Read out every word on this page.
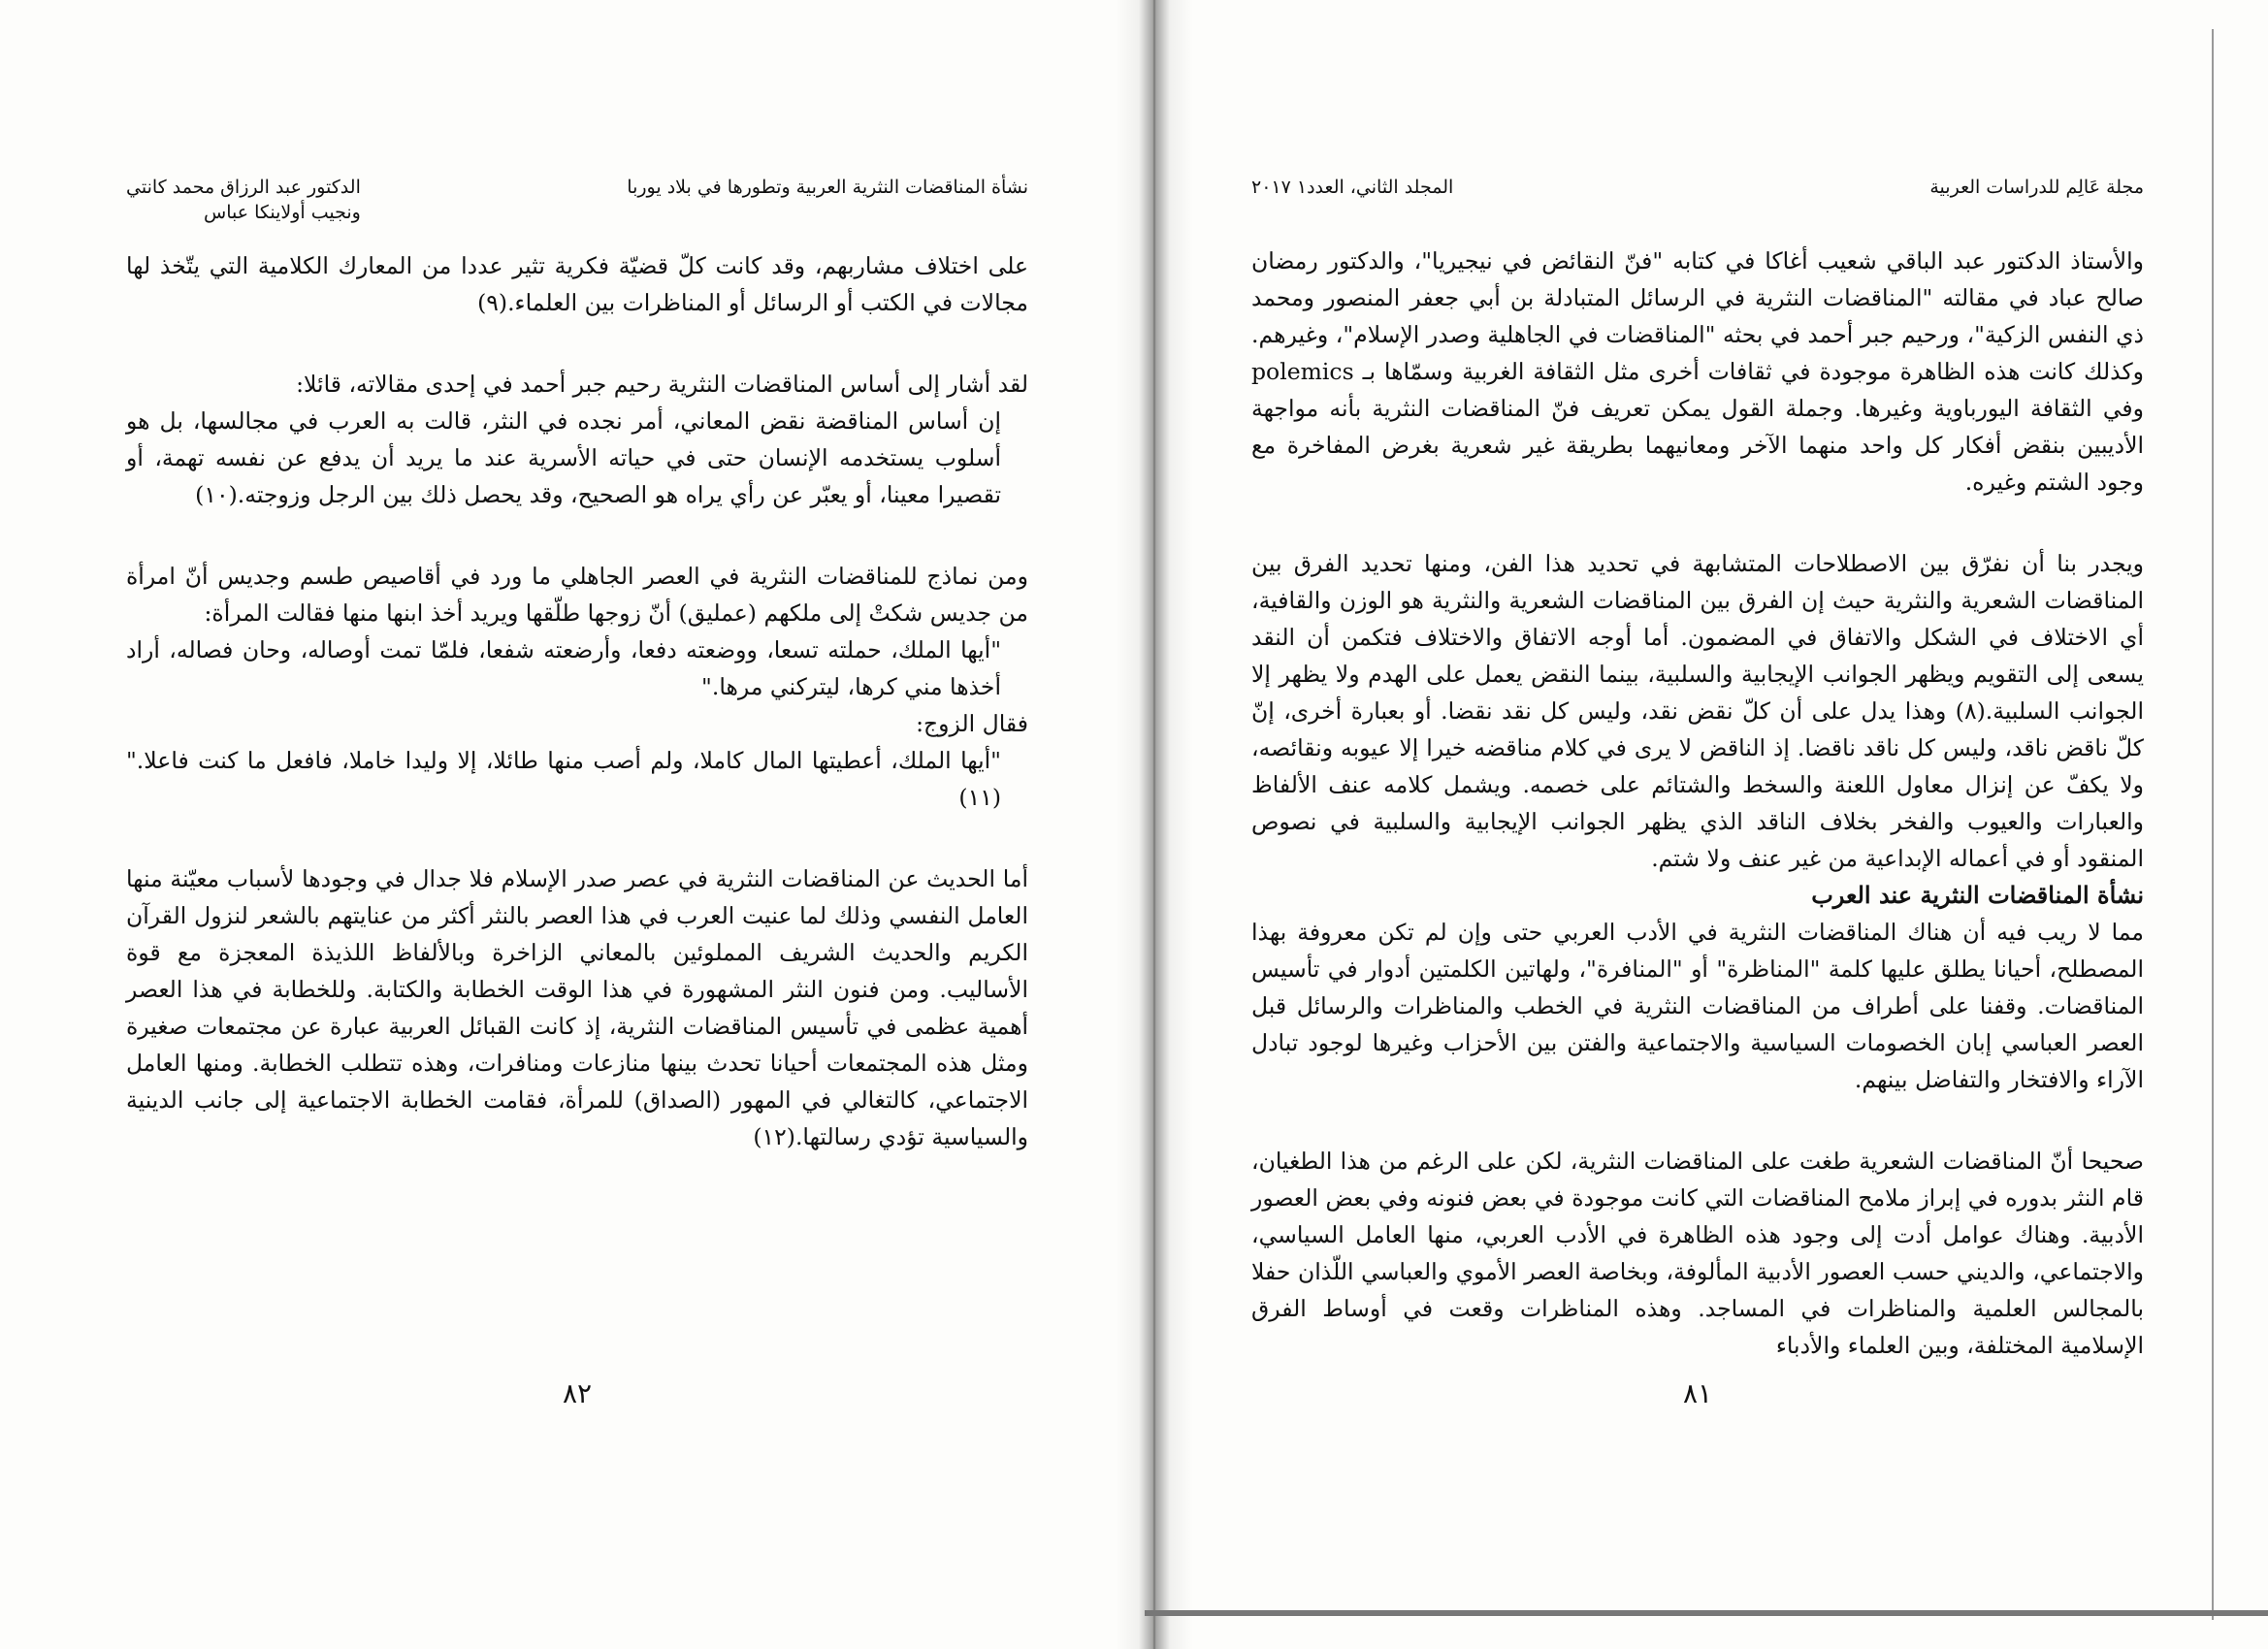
نشأة المناقضات النثرية العربية وتطورها في بلاد يوربا
الدكتور عبد الرزاق محمد كانتي
ونجيب أولاينكا عباس

على اختلاف مشاربهم، وقد كانت كلّ قضيّة فكرية تثير عددا من المعارك الكلامية التي يتّخذ لها مجالات في الكتب أو الرسائل أو المناظرات بين العلماء.(٩)

لقد أشار إلى أساس المناقضات النثرية رحيم جبر أحمد في إحدى مقالاته، قائلا:

إن أساس المناقضة نقض المعاني، أمر نجده في النثر، قالت به العرب في مجالسها، بل هو أسلوب يستخدمه الإنسان حتى في حياته الأسرية عند ما يريد أن يدفع عن نفسه تهمة، أو تقصيرا معينا، أو يعبّر عن رأي يراه هو الصحيح، وقد يحصل ذلك بين الرجل وزوجته.(١٠)

ومن نماذج للمناقضات النثرية في العصر الجاهلي ما ورد في أقاصيص طسم وجديس أنّ امرأة من جديس شكتْ إلى ملكهم (عمليق) أنّ زوجها طلّقها ويريد أخذ ابنها منها فقالت المرأة:

"أيها الملك، حملته تسعا، ووضعته دفعا، وأرضعته شفعا، فلمّا تمت أوصاله، وحان فصاله، أراد أخذها مني كرها، ليتركني مرها."

فقال الزوج:

"أيها الملك، أعطيتها المال كاملا، ولم أصب منها طائلا، إلا وليدا خاملا، فافعل ما كنت فاعلا."(١١)

أما الحديث عن المناقضات النثرية في عصر صدر الإسلام فلا جدال في وجودها لأسباب معيّنة منها العامل النفسي وذلك لما عنيت العرب في هذا العصر بالنثر أكثر من عنايتهم بالشعر لنزول القرآن الكريم والحديث الشريف المملوئين بالمعاني الزاخرة وبالألفاظ اللذيذة المعجزة مع قوة الأساليب. ومن فنون النثر المشهورة في هذا الوقت الخطابة والكتابة. وللخطابة في هذا العصر أهمية عظمى في تأسيس المناقضات النثرية، إذ كانت القبائل العربية عبارة عن مجتمعات صغيرة ومثل هذه المجتمعات أحيانا تحدث بينها منازعات ومنافرات، وهذه تتطلب الخطابة. ومنها العامل الاجتماعي، كالتغالي في المهور (الصداق) للمرأة، فقامت الخطابة الاجتماعية إلى جانب الدينية والسياسية تؤدي رسالتها.(١٢)

٨٢
مجلة عَالِم للدراسات العربية
المجلد الثاني، العدد١ ٢٠١٧

والأستاذ الدكتور عبد الباقي شعيب أغاكا في كتابه "فنّ النقائض في نيجيريا"، والدكتور رمضان صالح عباد في مقالته "المناقضات النثرية في الرسائل المتبادلة بن أبي جعفر المنصور ومحمد ذي النفس الزكية"، ورحيم جبر أحمد في بحثه "المناقضات في الجاهلية وصدر الإسلام"، وغيرهم. وكذلك كانت هذه الظاهرة موجودة في ثقافات أخرى مثل الثقافة الغربية وسمّاها بـ polemics وفي الثقافة اليورباوية وغيرها. وجملة القول يمكن تعريف فنّ المناقضات النثرية بأنه مواجهة الأديبين بنقض أفكار كل واحد منهما الآخر ومعانيهما بطريقة غير شعرية بغرض المفاخرة مع وجود الشتم وغيره.

ويجدر بنا أن نفرّق بين الاصطلاحات المتشابهة في تحديد هذا الفن، ومنها تحديد الفرق بين المناقضات الشعرية والنثرية حيث إن الفرق بين المناقضات الشعرية والنثرية هو الوزن والقافية، أي الاختلاف في الشكل والاتفاق في المضمون. أما أوجه الاتفاق والاختلاف فتكمن أن النقد يسعى إلى التقويم ويظهر الجوانب الإيجابية والسلبية، بينما النقض يعمل على الهدم ولا يظهر إلا الجوانب السلبية.(٨) وهذا يدل على أن كلّ نقض نقد، وليس كل نقد نقضا. أو بعبارة أخرى، إنّ كلّ ناقض ناقد، وليس كل ناقد ناقضا. إذ الناقض لا يرى في كلام مناقضه خيرا إلا عيوبه ونقائصه، ولا يكفّ عن إنزال معاول اللعنة والسخط والشتائم على خصمه. ويشمل كلامه عنف الألفاظ والعبارات والعيوب والفخر بخلاف الناقد الذي يظهر الجوانب الإيجابية والسلبية في نصوص المنقود أو في أعماله الإبداعية من غير عنف ولا شتم.

نشأة المناقضات النثرية عند العرب

مما لا ريب فيه أن هناك المناقضات النثرية في الأدب العربي حتى وإن لم تكن معروفة بهذا المصطلح، أحيانا يطلق عليها كلمة "المناظرة" أو "المنافرة"، ولهاتين الكلمتين أدوار في تأسيس المناقضات. وقفنا على أطراف من المناقضات النثرية في الخطب والمناظرات والرسائل قبل العصر العباسي إبان الخصومات السياسية والاجتماعية والفتن بين الأحزاب وغيرها لوجود تبادل الآراء والافتخار والتفاضل بينهم.

صحيحا أنّ المناقضات الشعرية طغت على المناقضات النثرية، لكن على الرغم من هذا الطغيان، قام النثر بدوره في إبراز ملامح المناقضات التي كانت موجودة في بعض فنونه وفي بعض العصور الأدبية. وهناك عوامل أدت إلى وجود هذه الظاهرة في الأدب العربي، منها العامل السياسي، والاجتماعي، والديني حسب العصور الأدبية المألوفة، وبخاصة العصر الأموي والعباسي اللّذان حفلا بالمجالس العلمية والمناظرات في المساجد. وهذه المناظرات وقعت في أوساط الفرق الإسلامية المختلفة، وبين العلماء والأدباء

٨١
